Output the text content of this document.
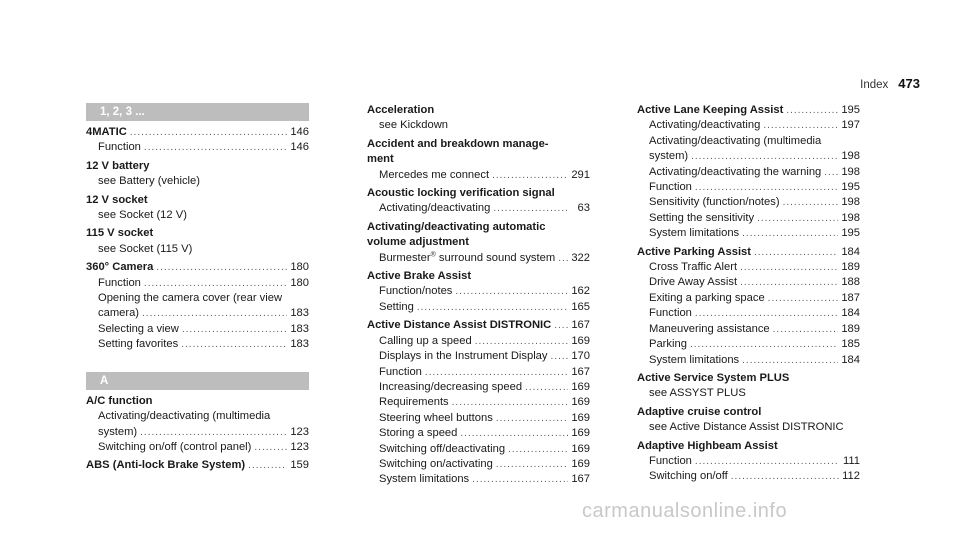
Index 473
1, 2, 3 ...
4MATIC .....	146
Function .....	146
12 V battery
see Battery (vehicle)
12 V socket
see Socket (12 V)
115 V socket
see Socket (115 V)
360° Camera .....	180
Function .....	180
Opening the camera cover (rear view
camera) .....	183
Selecting a view .....	183
Setting favorites .....	183
A
A/C function
Activating/deactivating (multimedia
system) .....	123
Switching on/off (control panel) .....	123
ABS (Anti-lock Brake System) .....	159
Acceleration
see Kickdown
Accident and breakdown manage-
ment
Mercedes me connect .....	291
Acoustic locking verification signal
Activating/deactivating .....	63
Activating/deactivating automatic
volume adjustment
Burmester® surround sound system ..... 322
Active Brake Assist
Function/notes .....	162
Setting .....	165
Active Distance Assist DISTRONIC ..... 167
Calling up a speed .....	169
Displays in the Instrument Display ..... 170
Function .....	167
Increasing/decreasing speed .....	169
Requirements .....	169
Steering wheel buttons .....	169
Storing a speed .....	169
Switching off/deactivating .....	169
Switching on/activating .....	169
System limitations .....	167
Active Lane Keeping Assist .....	195
Activating/deactivating .....	197
Activating/deactivating (multimedia
system) .....	198
Activating/deactivating the warning ..... 198
Function .....	195
Sensitivity (function/notes) .....	198
Setting the sensitivity .....	198
System limitations .....	195
Active Parking Assist .....	184
Cross Traffic Alert .....	189
Drive Away Assist .....	188
Exiting a parking space .....	187
Function .....	184
Maneuvering assistance .....	189
Parking .....	185
System limitations .....	184
Active Service System PLUS
see ASSYST PLUS
Adaptive cruise control
see Active Distance Assist DISTRONIC
Adaptive Highbeam Assist
Function .....	111
Switching on/off .....	112
carmanualsonline.info
